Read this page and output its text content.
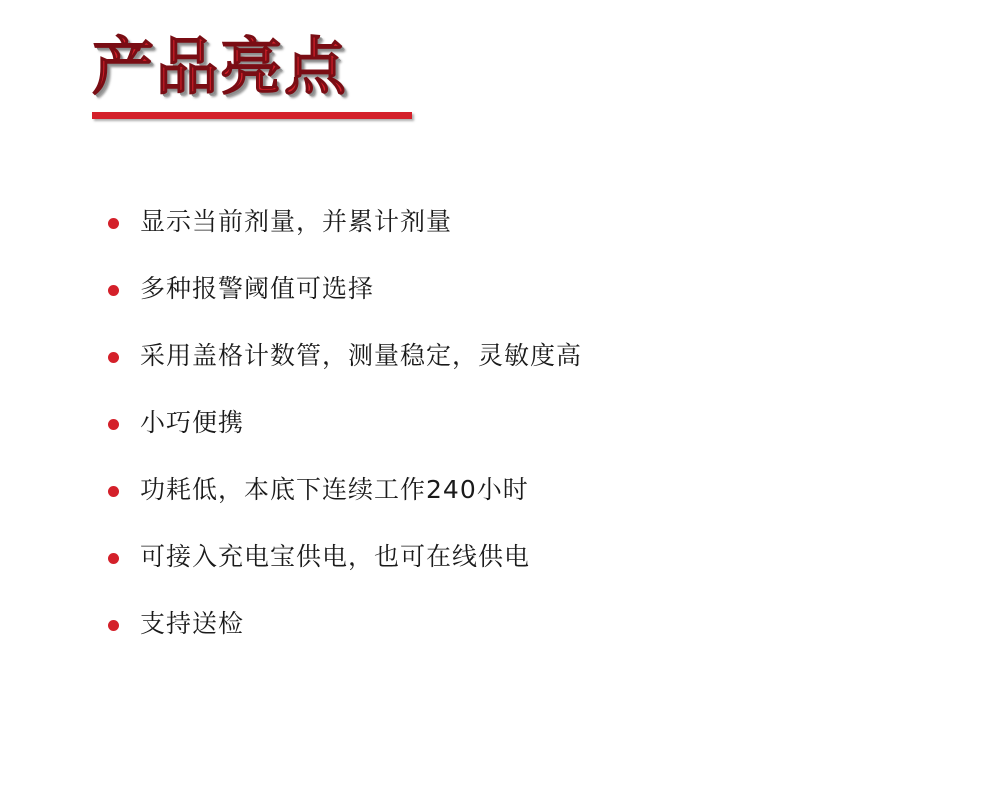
产品亮点
显示当前剂量，并累计剂量
多种报警阈值可选择
采用盖格计数管，测量稳定，灵敏度高
小巧便携
功耗低，本底下连续工作240小时
可接入充电宝供电，也可在线供电
支持送检
